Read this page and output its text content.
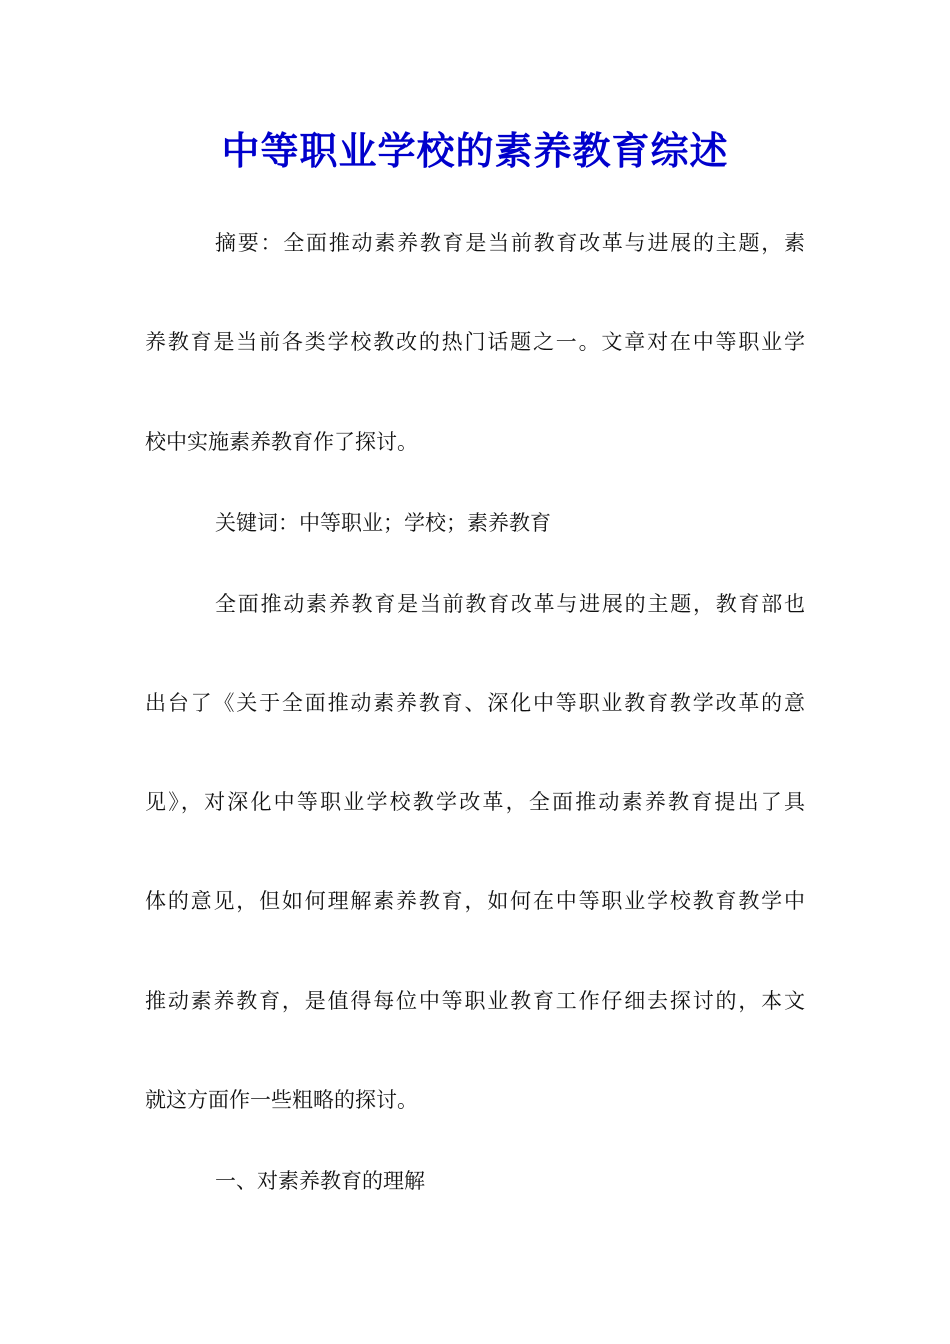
中等职业学校的素养教育综述
摘要：全面推动素养教育是当前教育改革与进展的主题，素
养教育是当前各类学校教改的热门话题之一。文章对在中等职业学
校中实施素养教育作了探讨。
关键词：中等职业；学校；素养教育
全面推动素养教育是当前教育改革与进展的主题，教育部也
出台了《关于全面推动素养教育、深化中等职业教育教学改革的意
见》，对深化中等职业学校教学改革，全面推动素养教育提出了具
体的意见，但如何理解素养教育，如何在中等职业学校教育教学中
推动素养教育，是值得每位中等职业教育工作仔细去探讨的，本文
就这方面作一些粗略的探讨。
一、对素养教育的理解
